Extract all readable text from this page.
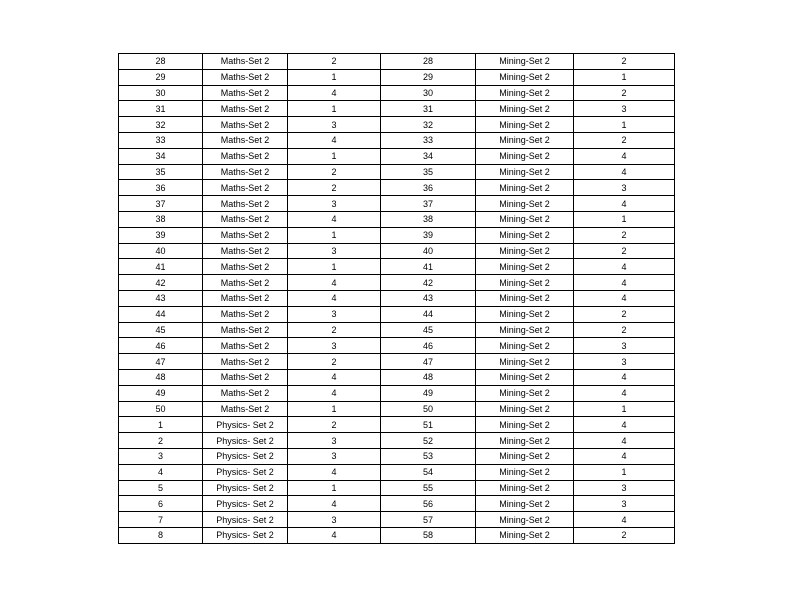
28	Maths-Set 2	2	28	Mining-Set 2	2
29	Maths-Set 2	1	29	Mining-Set 2	1
30	Maths-Set 2	4	30	Mining-Set 2	2
31	Maths-Set 2	1	31	Mining-Set 2	3
32	Maths-Set 2	3	32	Mining-Set 2	1
33	Maths-Set 2	4	33	Mining-Set 2	2
34	Maths-Set 2	1	34	Mining-Set 2	4
35	Maths-Set 2	2	35	Mining-Set 2	4
36	Maths-Set 2	2	36	Mining-Set 2	3
37	Maths-Set 2	3	37	Mining-Set 2	4
38	Maths-Set 2	4	38	Mining-Set 2	1
39	Maths-Set 2	1	39	Mining-Set 2	2
40	Maths-Set 2	3	40	Mining-Set 2	2
41	Maths-Set 2	1	41	Mining-Set 2	4
42	Maths-Set 2	4	42	Mining-Set 2	4
43	Maths-Set 2	4	43	Mining-Set 2	4
44	Maths-Set 2	3	44	Mining-Set 2	2
45	Maths-Set 2	2	45	Mining-Set 2	2
46	Maths-Set 2	3	46	Mining-Set 2	3
47	Maths-Set 2	2	47	Mining-Set 2	3
48	Maths-Set 2	4	48	Mining-Set 2	4
49	Maths-Set 2	4	49	Mining-Set 2	4
50	Maths-Set 2	1	50	Mining-Set 2	1
1	Physics- Set 2	2	51	Mining-Set 2	4
2	Physics- Set 2	3	52	Mining-Set 2	4
3	Physics- Set 2	3	53	Mining-Set 2	4
4	Physics- Set 2	4	54	Mining-Set 2	1
5	Physics- Set 2	1	55	Mining-Set 2	3
6	Physics- Set 2	4	56	Mining-Set 2	3
7	Physics- Set 2	3	57	Mining-Set 2	4
8	Physics- Set 2	4	58	Mining-Set 2	2
